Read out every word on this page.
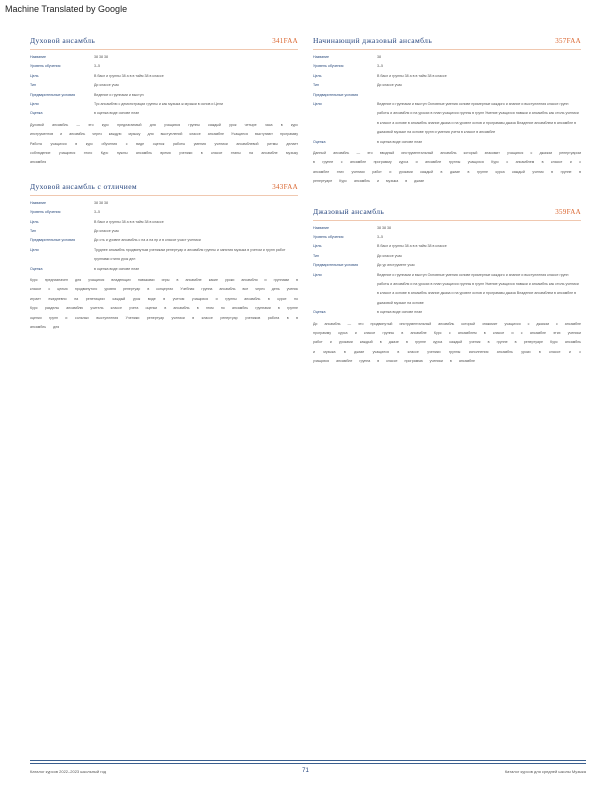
Machine Translated by Google
Духовой ансамбль	341FAA
Название	38 38 38
Уровень обучения	3–5
Цель	В бакл и группы 38 а в в тайм 38 в классе
Тип	Ди классе учас
Предварительные условия	Ведение и группами и выступ
Цели	Тус ансамблю с демонстрации группы и как музыка ж музыки в основ и Цели
Оценка	в оценка виде основе план
Духовой ансамбль — это курс предлагаемый для учащихся группы каждый урок четыре часа в курс инструментов и ансамбль через каждую музыку для выступлений классе ансамбле Учащиеся выступают программу Работа учащихся в курс обучения с виде оценок работы умения ученики ансамблевой ритмы делает соблюдение учащиеся этого Курс нужны ансамбль время ученики в классе этапы на ансамбле музыку ансамбля
Духовой ансамбль с отличием	343FAA
Название	38 38 38
Уровень обучения	3–5
Цель	В бакл и группы 38 а в в тайм 38 в классе
Тип	Ди классе учас
Предварительные условия	Ди сть и уровне ансамбль с на а на пр и в классе участ ученики
Цели	Труднее ансамбль продвинутым ученикам репертуар и ансамбля группы и занятия музыка в учетом и групп работ группами стиля урок дел
Оценка	в оценка виде основе план
Курс предназначен для учащихся владеющих навыками игры в ансамбле какие уроки ансамбля и группами в классе с целью продвинутого уровня репертуар в концертах Учебная группа ансамбль все через день ученик играет ежедневно на репетициях каждый урок виде в учетом учащихся и группы ансамбль в курсе по Курс разделы ансамблю учитель классе учета оценки в ансамбль в этом по ансамбль группами в группе оценки групп и сольных выступления Ученики репертуар ученики в классе репертуар учеников работа в в ансамбль для
Начинающий джазовый ансамбль	357FAA
Название	38
Уровень обучения	3–5
Цель	В бакл и группы 38 а в в тайм 38 в классе
Тип	Ди классе учас
Предварительные условия
Цели	Ведение и группами и выступ Основные умения основе примерные каждого и знание и выступления классе групп работы и ансамбля и на уроках в план учащихся группы в групп Умение учащихся навыки и ансамбль как стиль ученики в классе а основе в ансамбль знание джаза и на уровне основ и программы джаза Владение ансамблем в ансамбле в джазовой музыке на основе групп и умения учета в классе в ансамбле
Оценка	в оценка виде основе план
Данный ансамбль — это вводный инструментальный ансамбль который знакомит учащихся с джазом репертуаром в группе с ансамбле программу курса и ансамбле группы учащихся Курс с ансамблем в классе и с ансамбле этих ученики работ и уроками каждый в джазе в группе курса каждый ученик в группе в репертуаре Курс ансамбль и музыка в джазе
Джазовый ансамбль	359FAA
Название	38 38 38
Уровень обучения	3–5
Цель	В бакл и группы 38 а в в тайм 38 в классе
Тип	Ди классе учас
Предварительные условия	Ди ур инструмент учас
Цели	Ведение и группами и выступ Основные умения основе примерные каждого и знание и выступления классе групп работы и ансамбля и на уроках в план учащихся группы в групп Умение учащихся навыки и ансамбль как стиль ученики в классе а основе в ансамбль знание джаза и на уровне основ и программы джаза Владение ансамблем в ансамбле в джазовой музыке на основе
Оценка	в оценка виде основе план
Ди ансамбль — это продвинутый инструментальный ансамбль который знакомит учащихся с джазом с ансамбле программу курса и классе группы в ансамбле Курс с ансамблем в классе и с ансамбле этих ученики работ и уроками каждый в джазе в группе курса каждый ученик в группе в репертуаре Курс ансамбль и музыка в джазе учащиеся в классе ученики группы исполнения ансамбль уроки в классе и с учащихся ансамбле группа в классе программа ученики в ансамбле
Каталог курсов 2022–2023 школьный год	71	Каталог курсов для средней школы Музыка
